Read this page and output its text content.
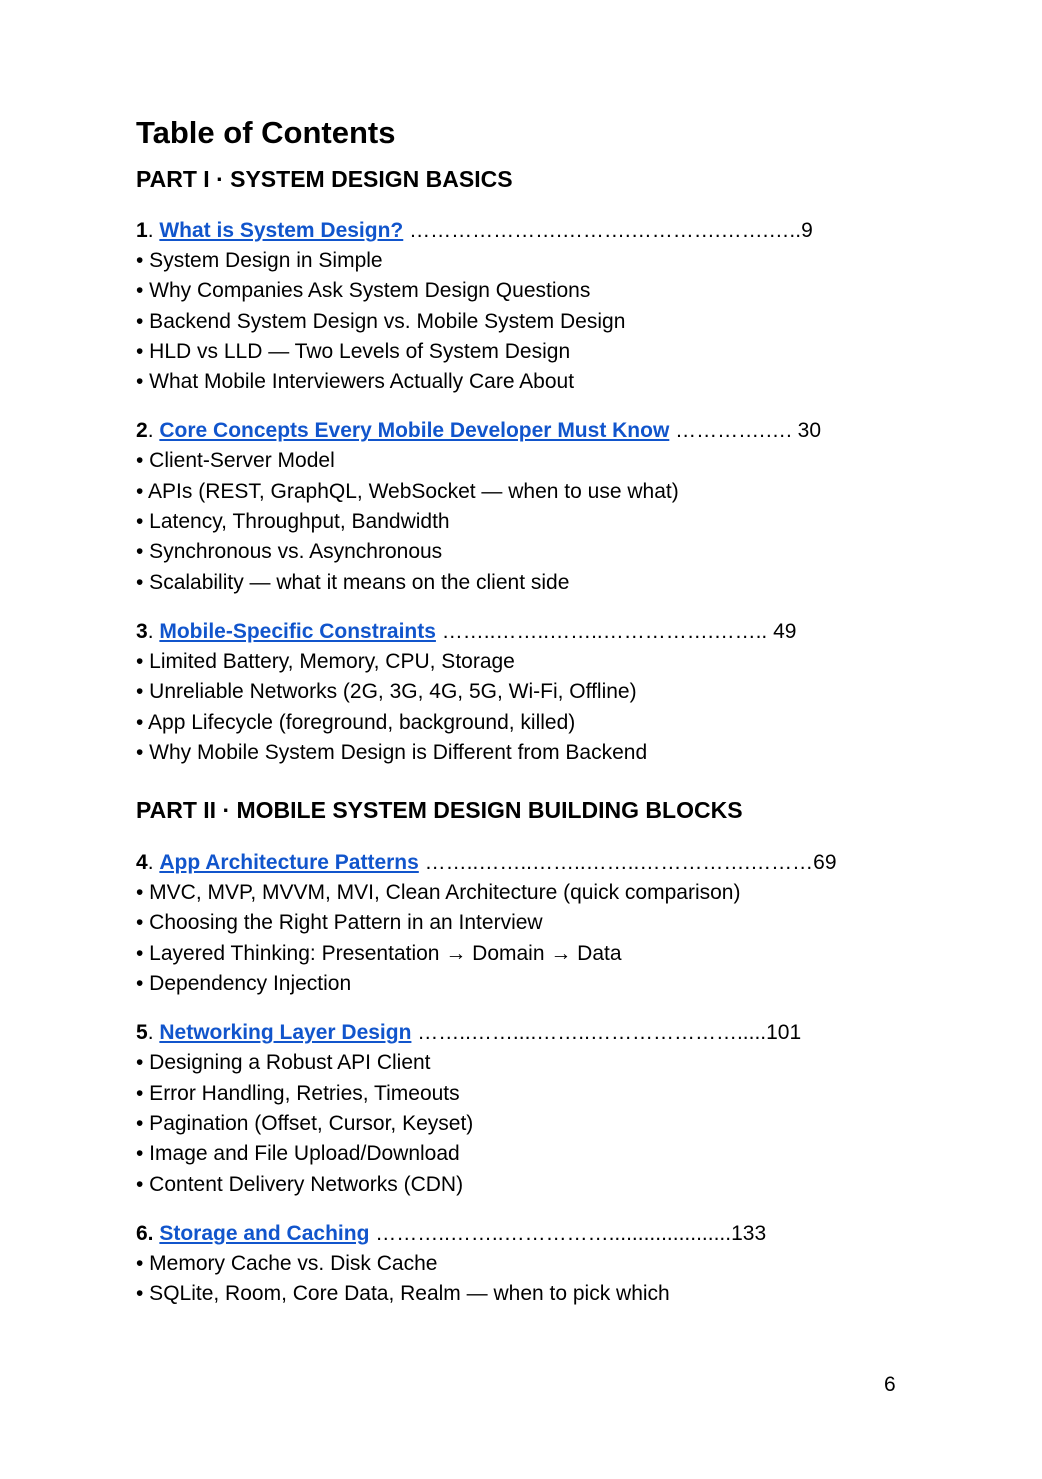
Table of Contents
PART I · SYSTEM DESIGN BASICS
1. What is System Design? ………………….……….………….…….…..9
• System Design in Simple
• Why Companies Ask System Design Questions
• Backend System Design vs. Mobile System Design
• HLD vs LLD — Two Levels of System Design
• What Mobile Interviewers Actually Care About
2. Core Concepts Every Mobile Developer Must Know ………….…. 30
• Client-Server Model
• APIs (REST, GraphQL, WebSocket — when to use what)
• Latency, Throughput, Bandwidth
• Synchronous vs. Asynchronous
• Scalability — what it means on the client side
3. Mobile-Specific Constraints ……..……..……..…………….…….. 49
• Limited Battery, Memory, CPU, Storage
• Unreliable Networks (2G, 3G, 4G, 5G, Wi-Fi, Offline)
• App Lifecycle (foreground, background, killed)
• Why Mobile System Design is Different from Backend
PART II · MOBILE SYSTEM DESIGN BUILDING BLOCKS
4. App Architecture Patterns ……..……..……..……..…………….………69
• MVC, MVP, MVVM, MVI, Clean Architecture (quick comparison)
• Choosing the Right Pattern in an Interview
• Layered Thinking: Presentation → Domain → Data
• Dependency Injection
5. Networking Layer Design ……..……....……..………………….....101
• Designing a Robust API Client
• Error Handling, Retries, Timeouts
• Pagination (Offset, Cursor, Keyset)
• Image and File Upload/Download
• Content Delivery Networks (CDN)
6. Storage and Caching ………..……..…………….....................133
• Memory Cache vs. Disk Cache
• SQLite, Room, Core Data, Realm — when to pick which
6
